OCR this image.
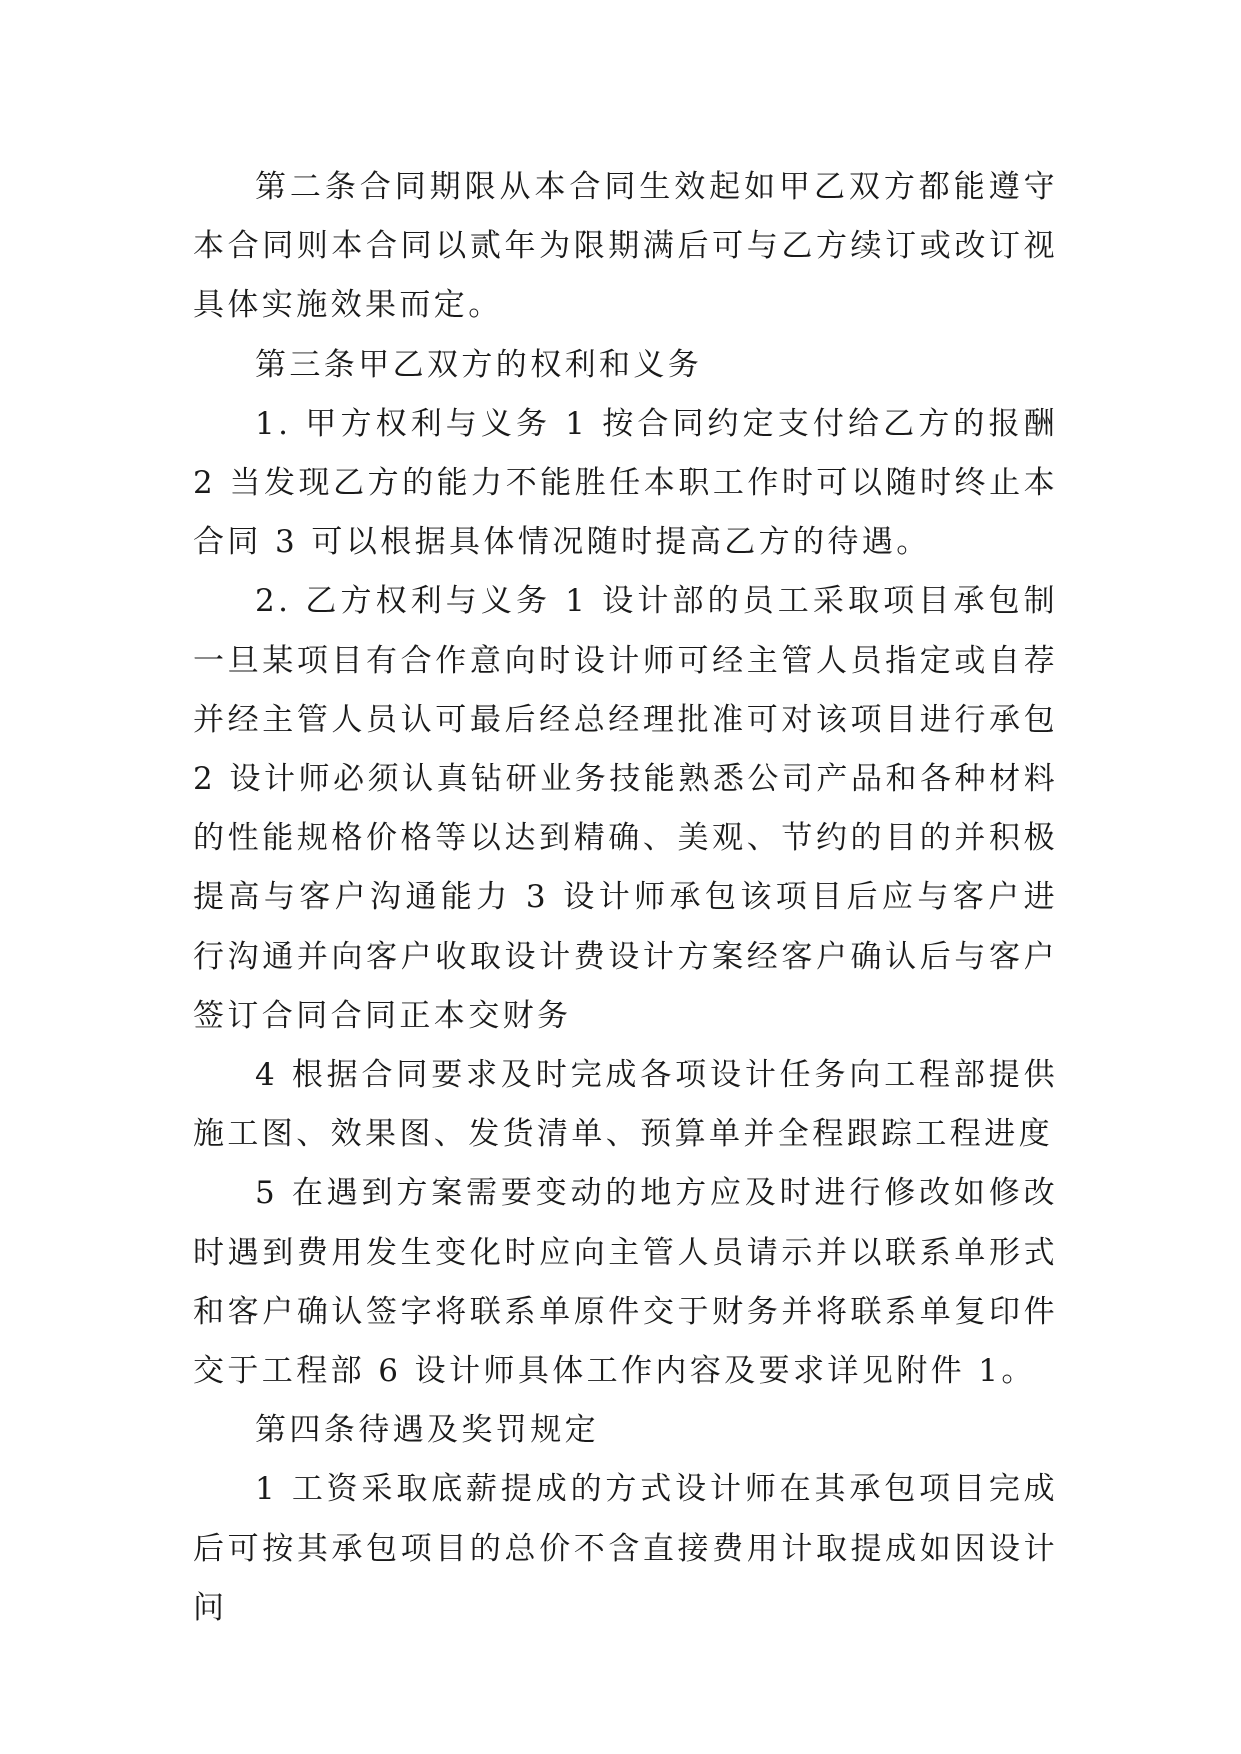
第二条合同期限从本合同生效起如甲乙双方都能遵守本合同则本合同以贰年为限期满后可与乙方续订或改订视具体实施效果而定。

第三条甲乙双方的权利和义务

1. 甲方权利与义务 1 按合同约定支付给乙方的报酬 2 当发现乙方的能力不能胜任本职工作时可以随时终止本合同 3 可以根据具体情况随时提高乙方的待遇。

2. 乙方权利与义务 1 设计部的员工采取项目承包制一旦某项目有合作意向时设计师可经主管人员指定或自荐并经主管人员认可最后经总经理批准可对该项目进行承包 2 设计师必须认真钻研业务技能熟悉公司产品和各种材料的性能规格价格等以达到精确、美观、节约的目的并积极提高与客户沟通能力 3 设计师承包该项目后应与客户进行沟通并向客户收取设计费设计方案经客户确认后与客户签订合同合同正本交财务

4 根据合同要求及时完成各项设计任务向工程部提供施工图、效果图、发货清单、预算单并全程跟踪工程进度

5 在遇到方案需要变动的地方应及时进行修改如修改时遇到费用发生变化时应向主管人员请示并以联系单形式和客户确认签字将联系单原件交于财务并将联系单复印件交于工程部 6 设计师具体工作内容及要求详见附件 1。

第四条待遇及奖罚规定

1 工资采取底薪提成的方式设计师在其承包项目完成后可按其承包项目的总价不含直接费用计取提成如因设计问
